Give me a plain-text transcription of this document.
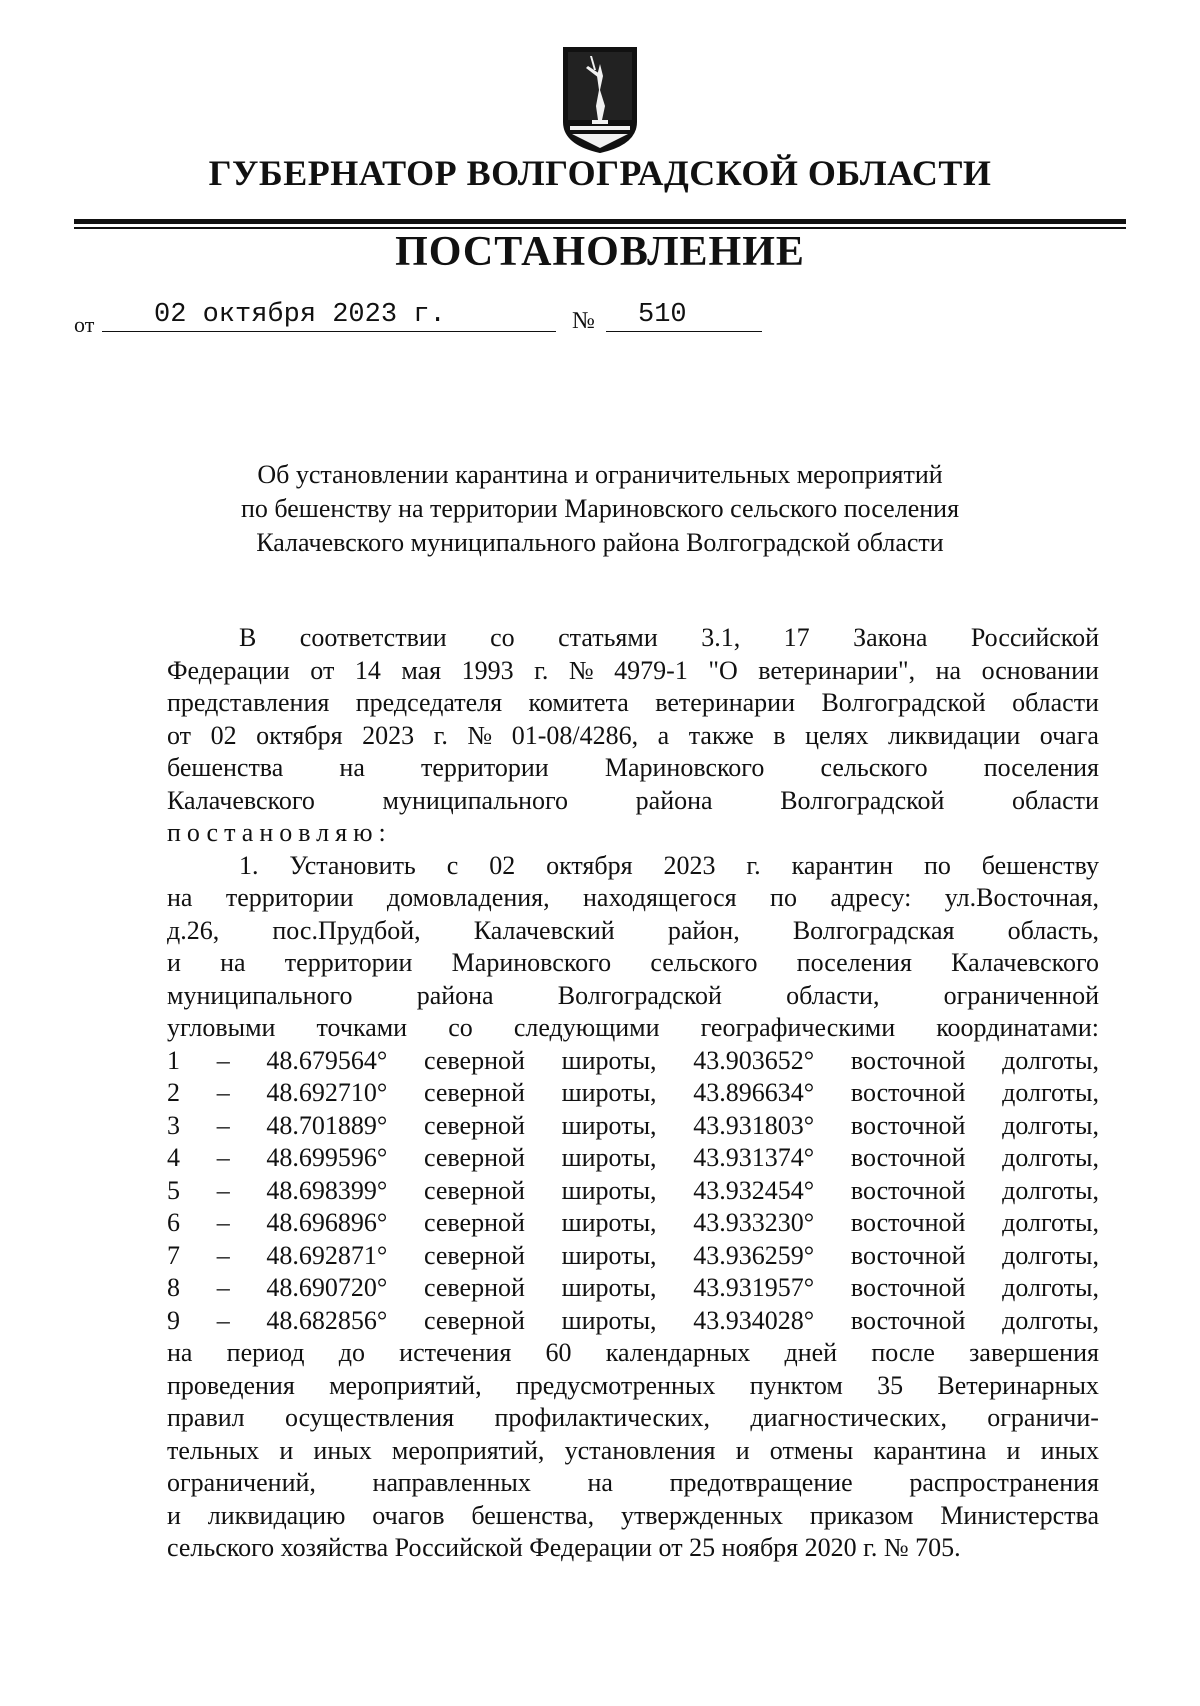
ГУБЕРНАТОР ВОЛГОГРАДСКОЙ ОБЛАСТИ
ПОСТАНОВЛЕНИЕ
от	02 октября 2023 г.	№	510
Об установлении карантина и ограничительных мероприятий
по бешенству на территории Мариновского сельского поселения
Калачевского муниципального района Волгоградской области
В соответствии со статьями 3.1, 17 Закона Российской
Федерации от 14 мая 1993 г. № 4979-1 "О ветеринарии", на основании
представления председателя комитета ветеринарии Волгоградской области
от 02 октября 2023 г. № 01-08/4286, а также в целях ликвидации очага
бешенства на территории Мариновского сельского поселения
Калачевского	муниципального	района	Волгоградской	области
постановляю:
1. Установить с 02 октября 2023 г. карантин по бешенству
на территории домовладения, находящегося по адресу: ул.Восточная,
д.26, пос.Прудбой, Калачевский район, Волгоградская область,
и на территории Мариновского сельского поселения Калачевского
муниципального района Волгоградской области, ограниченной
угловыми точками со следующими географическими координатами:
1 – 48.679564° северной широты, 43.903652° восточной долготы,
2 – 48.692710° северной широты, 43.896634° восточной долготы,
3 – 48.701889° северной широты, 43.931803° восточной долготы,
4 – 48.699596° северной широты, 43.931374° восточной долготы,
5 – 48.698399° северной широты, 43.932454° восточной долготы,
6 – 48.696896° северной широты, 43.933230° восточной долготы,
7 – 48.692871° северной широты, 43.936259° восточной долготы,
8 – 48.690720° северной широты, 43.931957° восточной долготы,
9 – 48.682856° северной широты, 43.934028° восточной долготы,
на период до истечения 60 календарных дней после завершения
проведения мероприятий, предусмотренных пунктом 35 Ветеринарных
правил осуществления профилактических, диагностических, ограничи-
тельных и иных мероприятий, установления и отмены карантина и иных
ограничений, направленных на предотвращение распространения
и ликвидацию очагов бешенства, утвержденных приказом Министерства
сельского хозяйства Российской Федерации от 25 ноября 2020 г. № 705.
